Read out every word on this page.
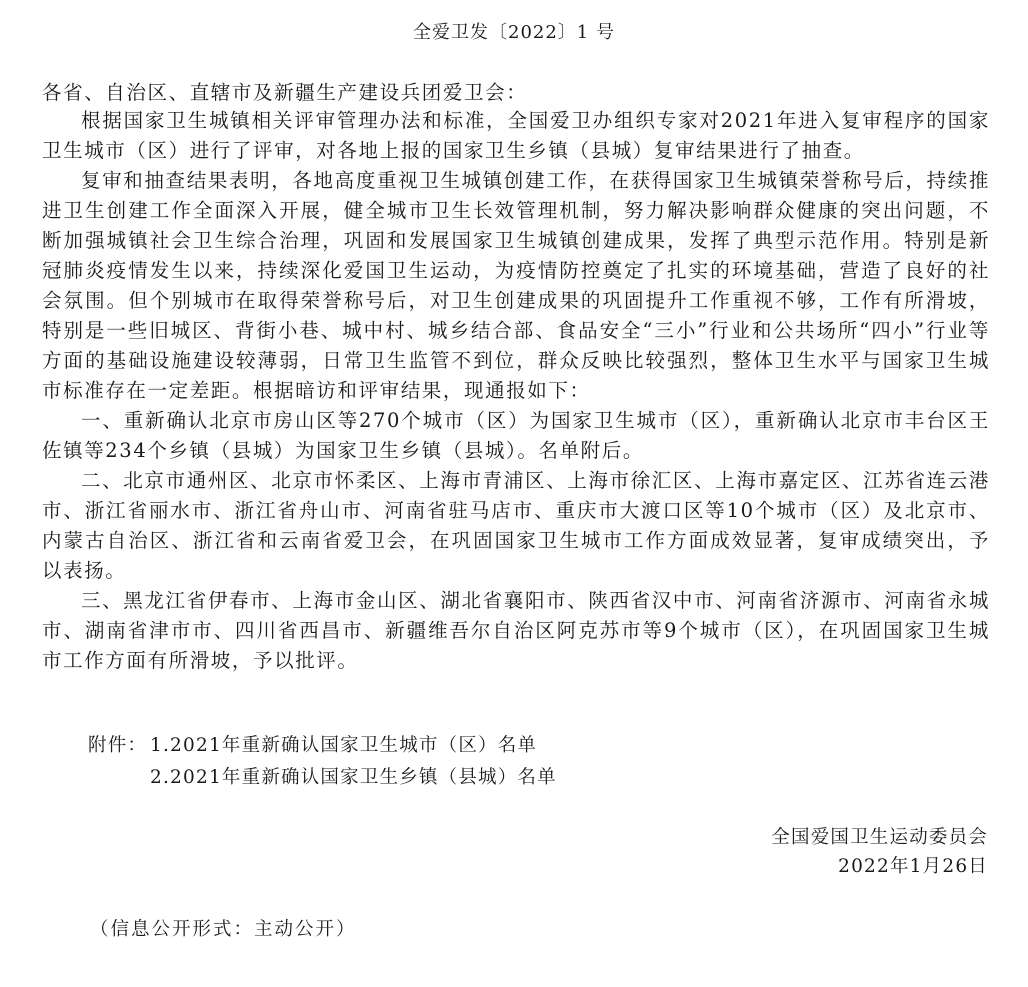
全爱卫发〔2022〕1 号
各省、自治区、直辖市及新疆生产建设兵团爱卫会：

根据国家卫生城镇相关评审管理办法和标准，全国爱卫办组织专家对2021年进入复审程序的国家卫生城市（区）进行了评审，对各地上报的国家卫生乡镇（县城）复审结果进行了抽查。

复审和抽查结果表明，各地高度重视卫生城镇创建工作，在获得国家卫生城镇荣誉称号后，持续推进卫生创建工作全面深入开展，健全城市卫生长效管理机制，努力解决影响群众健康的突出问题，不断加强城镇社会卫生综合治理，巩固和发展国家卫生城镇创建成果，发挥了典型示范作用。特别是新冠肺炎疫情发生以来，持续深化爱国卫生运动，为疫情防控奠定了扎实的环境基础，营造了良好的社会氛围。但个别城市在取得荣誉称号后，对卫生创建成果的巩固提升工作重视不够，工作有所滑坡，特别是一些旧城区、背街小巷、城中村、城乡结合部、食品安全“三小”行业和公共场所“四小”行业等方面的基础设施建设较薄弱，日常卫生监管不到位，群众反映比较强烈，整体卫生水平与国家卫生城市标准存在一定差距。根据暗访和评审结果，现通报如下：

一、重新确认北京市房山区等270个城市（区）为国家卫生城市（区），重新确认北京市丰台区王佐镇等234个乡镇（县城）为国家卫生乡镇（县城）。名单附后。

二、北京市通州区、北京市怀柔区、上海市青浦区、上海市徐汇区、上海市嘉定区、江苏省连云港市、浙江省丽水市、浙江省舟山市、河南省驻马店市、重庆市大渡口区等10个城市（区）及北京市、内蒙古自治区、浙江省和云南省爱卫会，在巩固国家卫生城市工作方面成效显著，复审成绩突出，予以表扬。

三、黑龙江省伊春市、上海市金山区、湖北省襄阳市、陕西省汉中市、河南省济源市、河南省永城市、湖南省津市市、四川省西昌市、新疆维吾尔自治区阿克苏市等9个城市（区），在巩固国家卫生城市工作方面有所滑坡，予以批评。

附件： 1.2021年重新确认国家卫生城市（区）名单
2.2021年重新确认国家卫生乡镇（县城）名单
全国爱国卫生运动委员会
2022年1月26日
（信息公开形式：主动公开）
